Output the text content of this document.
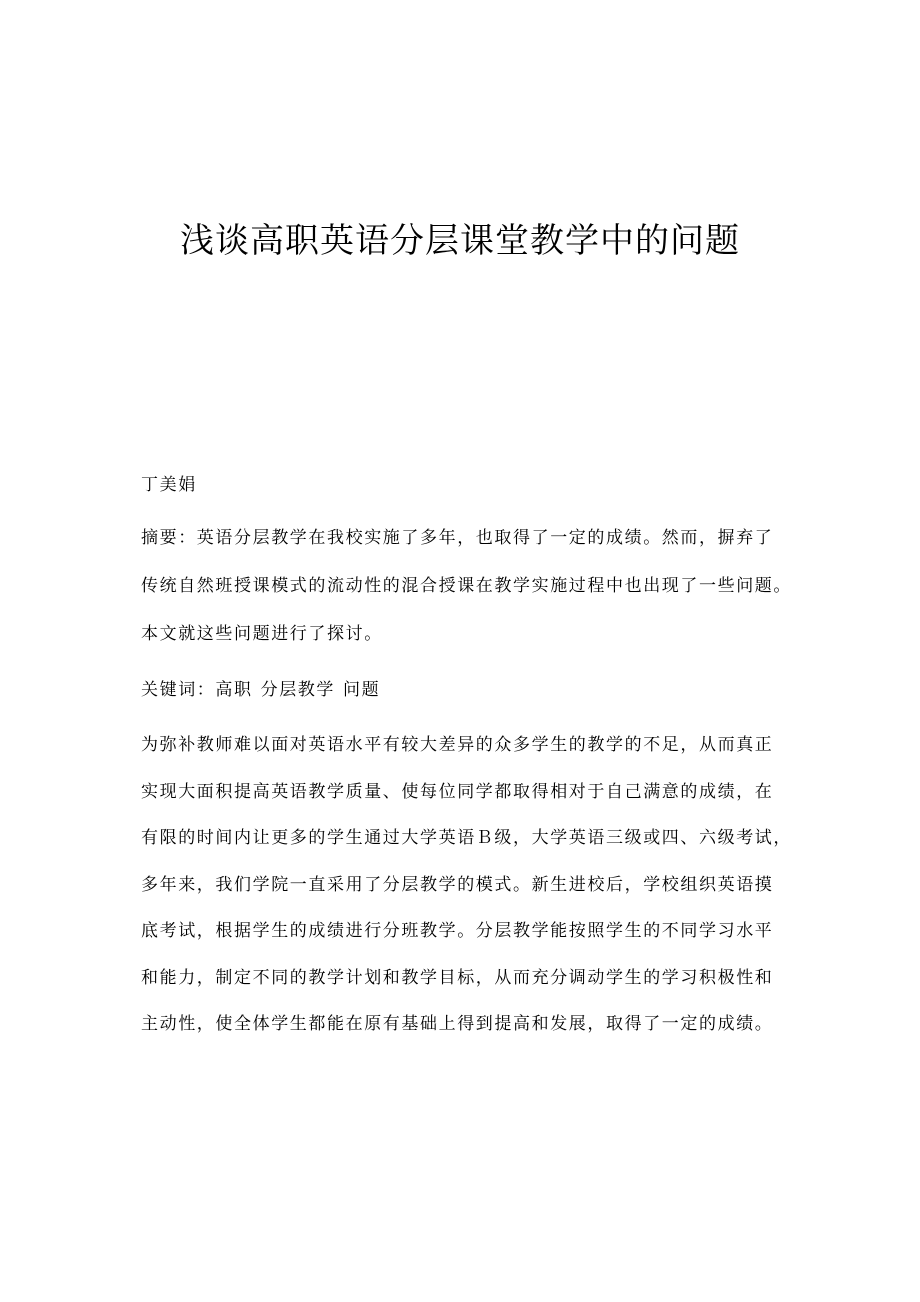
浅谈高职英语分层课堂教学中的问题
丁美娟
摘要：英语分层教学在我校实施了多年，也取得了一定的成绩。然而，摒弃了
传统自然班授课模式的流动性的混合授课在教学实施过程中也出现了一些问题。
本文就这些问题进行了探讨。
关键词：高职 分层教学 问题
为弥补教师难以面对英语水平有较大差异的众多学生的教学的不足，从而真正
实现大面积提高英语教学质量、使每位同学都取得相对于自己满意的成绩，在
有限的时间内让更多的学生通过大学英语Ｂ级，大学英语三级或四、六级考试，
多年来，我们学院一直采用了分层教学的模式。新生进校后，学校组织英语摸
底考试，根据学生的成绩进行分班教学。分层教学能按照学生的不同学习水平
和能力，制定不同的教学计划和教学目标，从而充分调动学生的学习积极性和
主动性，使全体学生都能在原有基础上得到提高和发展，取得了一定的成绩。
